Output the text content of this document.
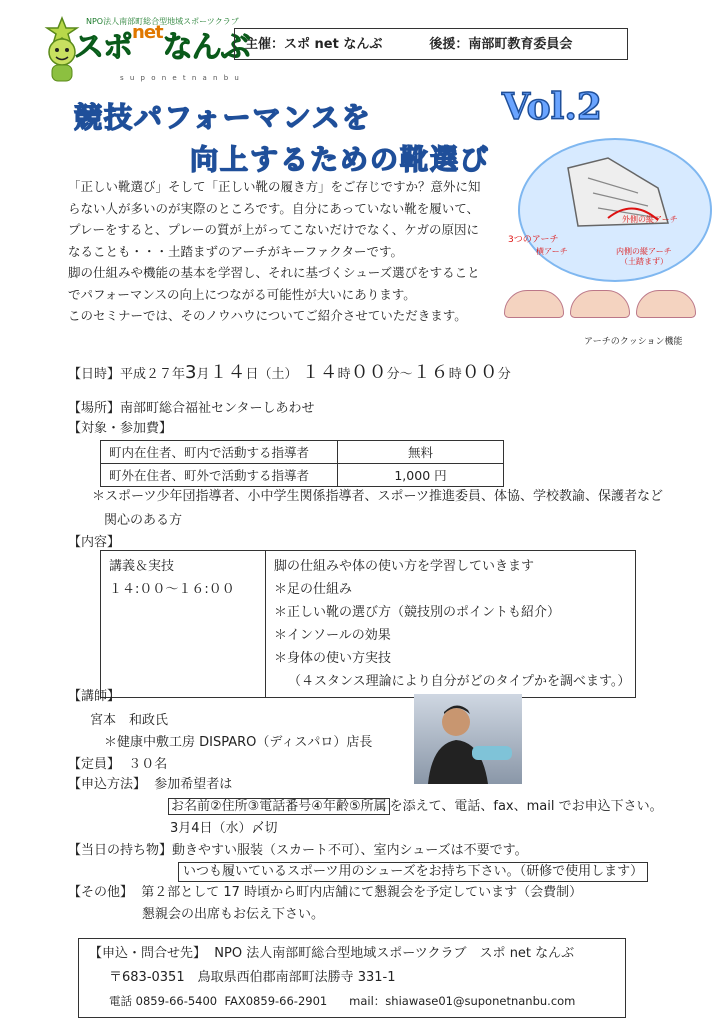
NPO法人南部町総合型地域スポーツクラブ
スポ$^{net}$なんぶ
s u p o n e t n a n b u
主催：スポ net なんぶ	後援：南部町教育委員会
競技パフォーマンスを
向上するための靴選び
Vol.2
「正しい靴選び」そして「正しい靴の履き方」をご存じですか？意外に知
らない人が多いのが実際のところです。自分にあっていない靴を履いて、
プレーをすると、プレーの質が上がってこないだけでなく、ケガの原因に
なることも・・・土踏まずのアーチがキーファクターです。
脚の仕組みや機能の基本を学習し、それに基づくシューズ選びをすること
でパフォーマンスの向上につながる可能性が大いにあります。
このセミナーでは、そのノウハウについてご紹介させていただきます。
3つのアーチ
外側の縦アーチ
横アーチ	内側の縦アーチ
（土踏まず）
アーチのクッション機能
【日時】平成２７年3月１４日（土） １４時００分～１６時００分
【場所】南部町総合福祉センターしあわせ
【対象・参加費】
町内在住者、町内で活動する指導者	無料
町外在住者、町外で活動する指導者	1,000 円
＊スポーツ少年団指導者、小中学生関係指導者、スポーツ推進委員、体協、学校教諭、保護者など
関心のある方
【内容】
講義＆実技
１４:００～１６:００

脚の仕組みや体の使い方を学習していきます
＊足の仕組み
＊正しい靴の選び方（競技別のポイントも紹介）
＊インソールの効果
＊身体の使い方実技
（４スタンス理論により自分がどのタイプかを調べます。）
【講師】
宮本　和政氏
＊健康中敷工房 DISPARO（ディスパロ）店長
【定員】 ３０名
【申込方法】 参加希望者は
お名前②住所③電話番号④年齢⑤所属 を添えて、電話、fax、mail でお申込下さい。
3月4日（水）〆切
【当日の持ち物】動きやすい服装（スカート不可）、室内シューズは不要です。
いつも履いているスポーツ用のシューズをお持ち下さい。（研修で使用します）
【その他】 第２部として 17 時頃から町内店舗にて懇親会を予定しています（会費制）
懇親会の出席もお伝え下さい。
【申込・問合せ先】 NPO 法人南部町総合型地域スポーツクラブ　スポ net なんぶ
〒683-0351　鳥取県西伯郡南部町法勝寺 331-1
電話 0859-66-5400 FAX0859-66-2901 mail：shiawase01@suponetnanbu.com
